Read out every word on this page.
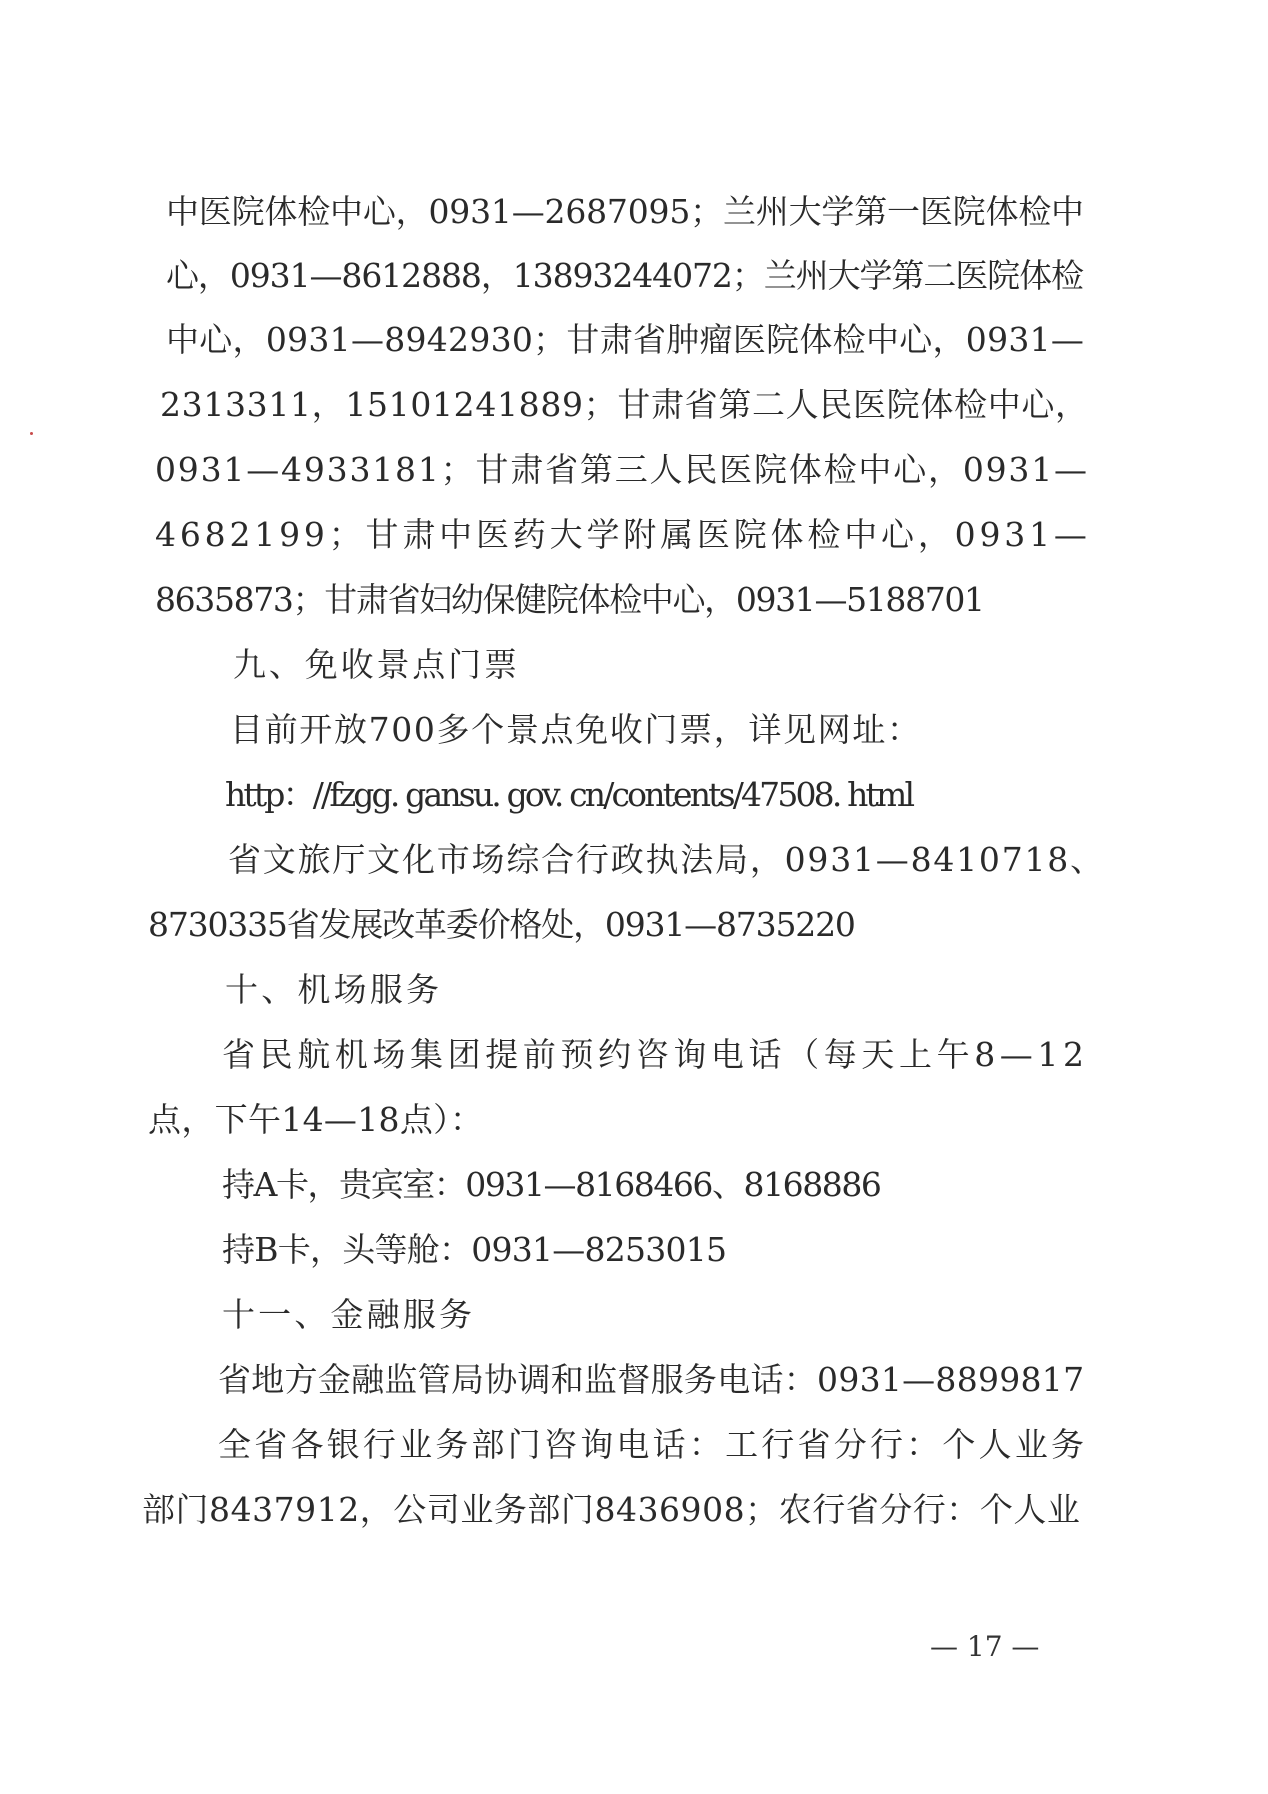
— 17 —
中医院体检中心，0931—2687095；兰州大学第一医院体检中
心，0931—8612888，13893244072；兰州大学第二医院体检
中心，0931—8942930；甘肃省肿瘤医院体检中心，0931—
2313311，15101241889；甘肃省第二人民医院体检中心，
0931—4933181；甘肃省第三人民医院体检中心，0931—
4682199；甘肃中医药大学附属医院体检中心，0931—
8635873；甘肃省妇幼保健院体检中心，0931—5188701
九、免收景点门票
目前开放700多个景点免收门票，详见网址：
http：//fzgg. gansu. gov. cn/contents/47508. html
省文旅厅文化市场综合行政执法局，0931—8410718、
8730335省发展改革委价格处，0931—8735220
十、机场服务
省民航机场集团提前预约咨询电话（每天上午8—12
点，下午14—18点）：
持A卡，贵宾室：0931—8168466、8168886
持B卡，头等舱：0931—8253015
十一、金融服务
省地方金融监管局协调和监督服务电话：0931—8899817
全省各银行业务部门咨询电话：工行省分行：个人业务
部门8437912，公司业务部门8436908；农行省分行：个人业
